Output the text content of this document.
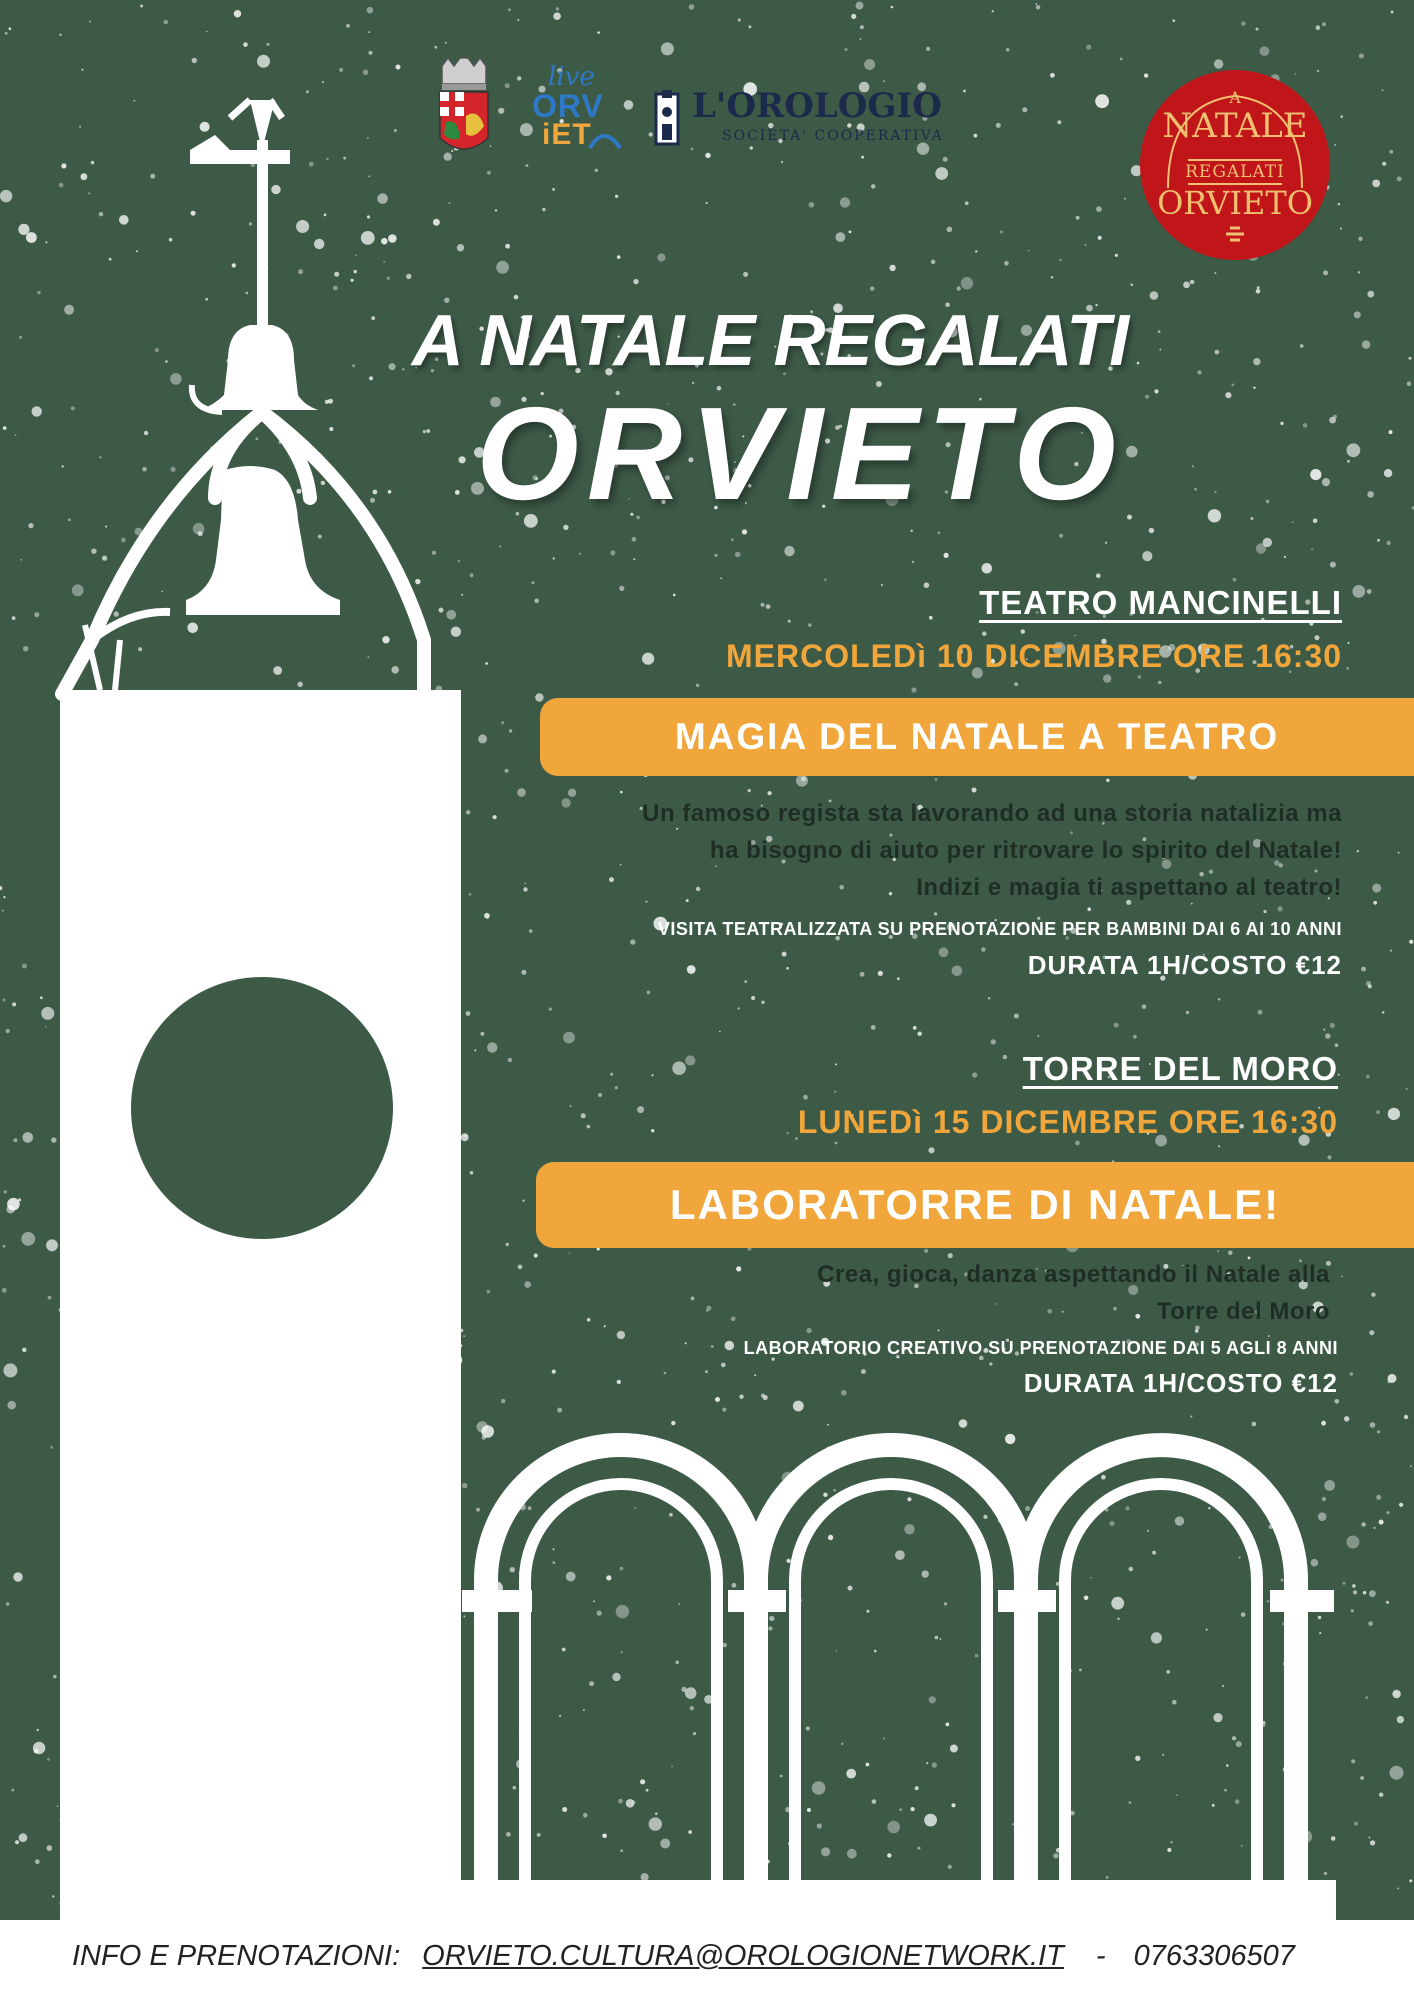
live
ORV
iET
L'OROLOGIO
SOCIETA' COOPERATIVA
A
NATALE
REGALATI
ORVIETO
A NATALE REGALATI
ORVIETO
TEATRO MANCINELLI
MERCOLEDì 10 DICEMBRE ORE 16:30
MAGIA DEL NATALE A TEATRO
Un famoso regista sta lavorando ad una storia natalizia ma
ha bisogno di aiuto per ritrovare lo spirito del Natale!
Indizi e magia ti aspettano al teatro!
VISITA TEATRALIZZATA SU PRENOTAZIONE PER BAMBINI DAI 6 AI 10 ANNI
DURATA 1H/COSTO €12
TORRE DEL MORO
LUNEDì 15 DICEMBRE ORE 16:30
LABORATORRE DI NATALE!
Crea, gioca, danza aspettando il Natale alla
Torre del Moro
LABORATORIO CREATIVO SU PRENOTAZIONE DAI 5 AGLI 8 ANNI
DURATA 1H/COSTO €12
INFO E PRENOTAZIONI: ORVIETO.CULTURA@OROLOGIONETWORK.IT - 0763306507
